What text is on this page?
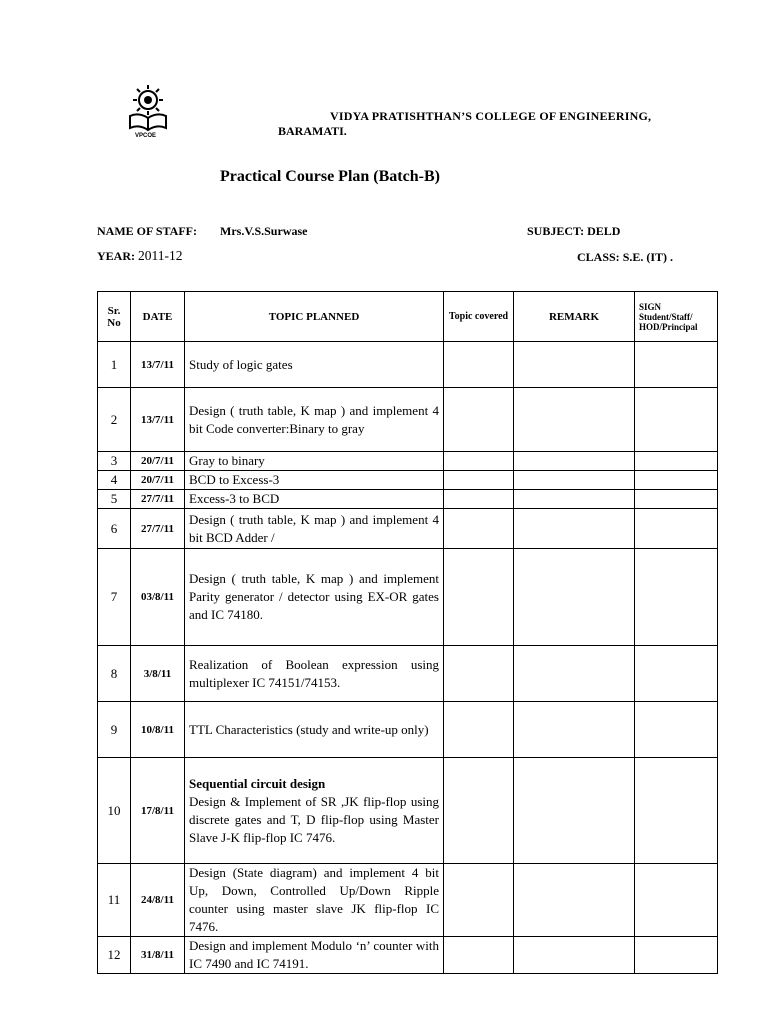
VPCOE
VIDYA PRATISHTHAN’S COLLEGE OF ENGINEERING,
BARAMATI.
Practical Course Plan (Batch-B)
NAME OF STAFF: Mrs.V.S.Surwase	SUBJECT: DELD
YEAR: 2011-12	CLASS: S.E. (IT) .
Sr. No	DATE	TOPIC PLANNED	Topic covered	REMARK	SIGN Student/Staff/ HOD/Principal
1	13/7/11	Study of logic gates			

2	13/7/11	Design ( truth table, K map ) and implement 4 bit Code converter:Binary to gray			

3	20/7/11	Gray to binary			

4	20/7/11	BCD to Excess-3			

5	27/7/11	Excess-3 to BCD			

6	27/7/11	Design ( truth table, K map ) and implement 4 bit BCD Adder /			

7	03/8/11	Design ( truth table, K map ) and implement Parity generator / detector using EX-OR gates and IC 74180.			

8	3/8/11	Realization of Boolean expression using multiplexer IC 74151/74153.			

9	10/8/11	TTL Characteristics (study and write-up only)			

10	17/8/11	Sequential circuit design
Design & Implement of SR ,JK flip-flop using discrete gates and T, D flip-flop using Master Slave J-K flip-flop IC 7476.			

11	24/8/11	Design (State diagram) and implement 4 bit Up, Down, Controlled Up/Down Ripple counter using master slave JK flip-flop IC 7476.			

12	31/8/11	Design and implement Modulo ‘n’ counter with IC 7490 and IC 74191.			
